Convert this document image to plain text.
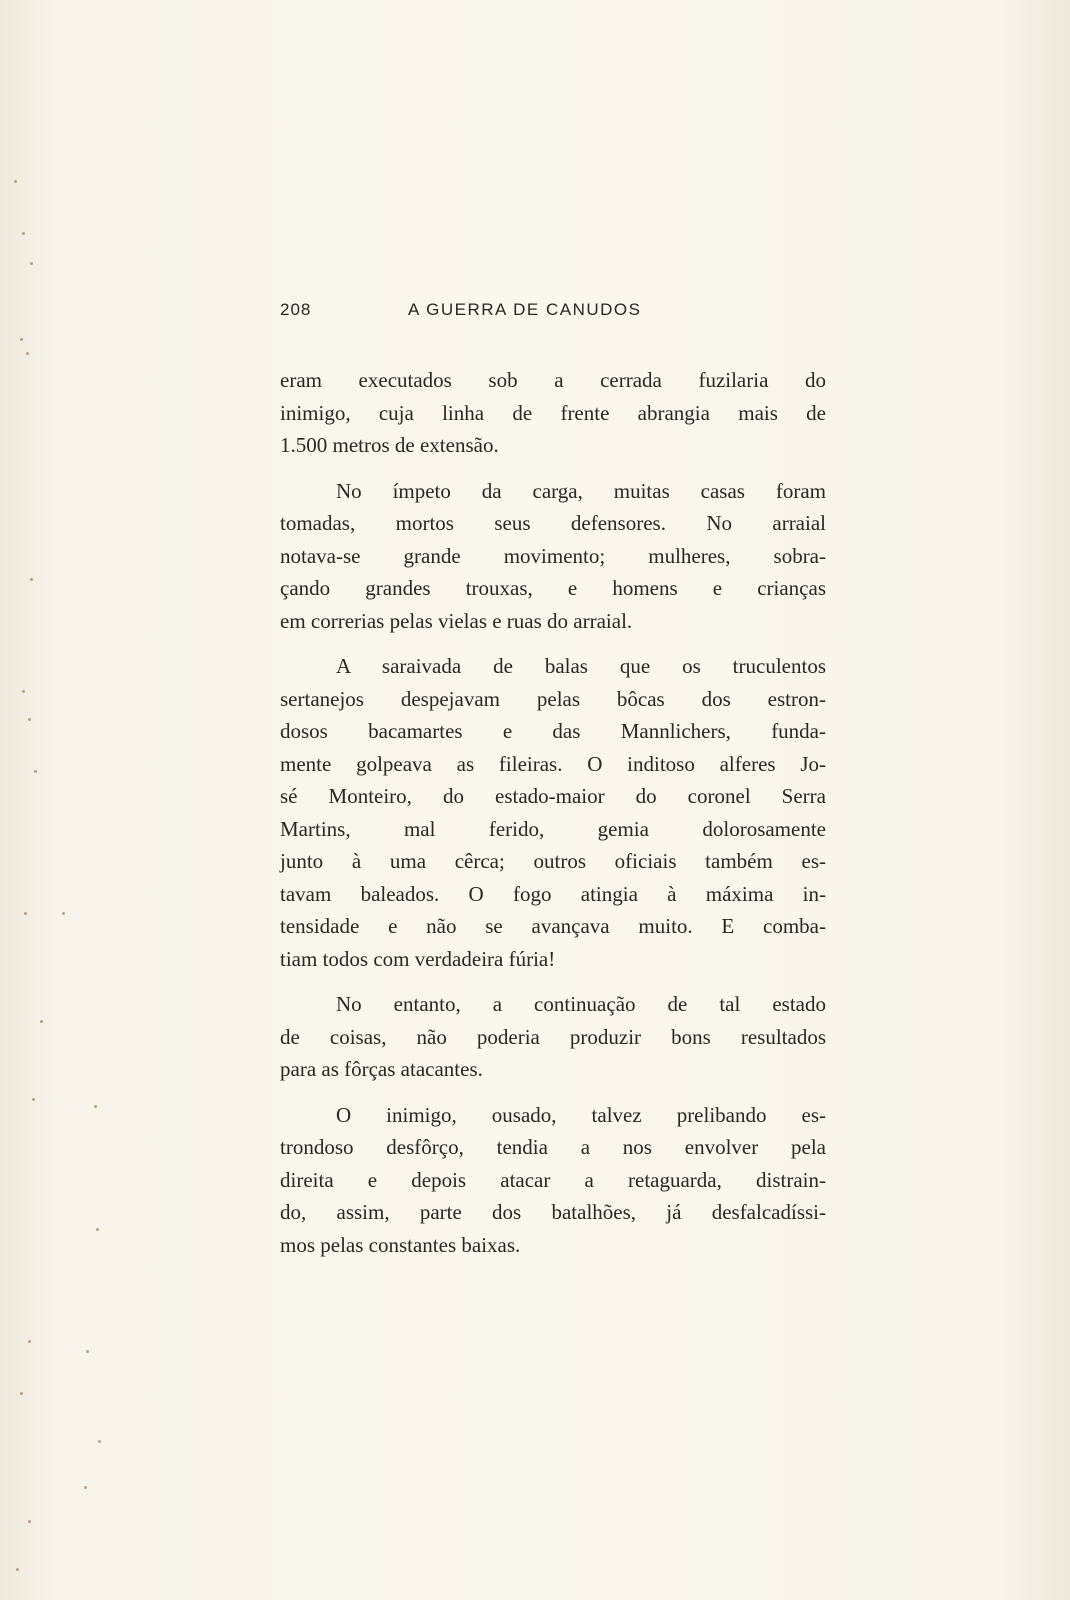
208	A GUERRA DE CANUDOS
eram executados sob a cerrada fuzilaria do
inimigo, cuja linha de frente abrangia mais de
1.500 metros de extensão.
No ímpeto da carga, muitas casas foram
tomadas, mortos seus defensores. No arraial
notava-se grande movimento; mulheres, sobra-
çando grandes trouxas, e homens e crianças
em correrias pelas vielas e ruas do arraial.
A saraivada de balas que os truculentos
sertanejos despejavam pelas bôcas dos estron-
dosos bacamartes e das Mannlichers, funda-
mente golpeava as fileiras. O inditoso alferes Jo-
sé Monteiro, do estado-maior do coronel Serra
Martins, mal ferido, gemia dolorosamente
junto à uma cêrca; outros oficiais também es-
tavam baleados. O fogo atingia à máxima in-
tensidade e não se avançava muito. E comba-
tiam todos com verdadeira fúria!
No entanto, a continuação de tal estado
de coisas, não poderia produzir bons resultados
para as fôrças atacantes.
O inimigo, ousado, talvez prelibando es-
trondoso desfôrço, tendia a nos envolver pela
direita e depois atacar a retaguarda, distrain-
do, assim, parte dos batalhões, já desfalcadíssi-
mos pelas constantes baixas.
